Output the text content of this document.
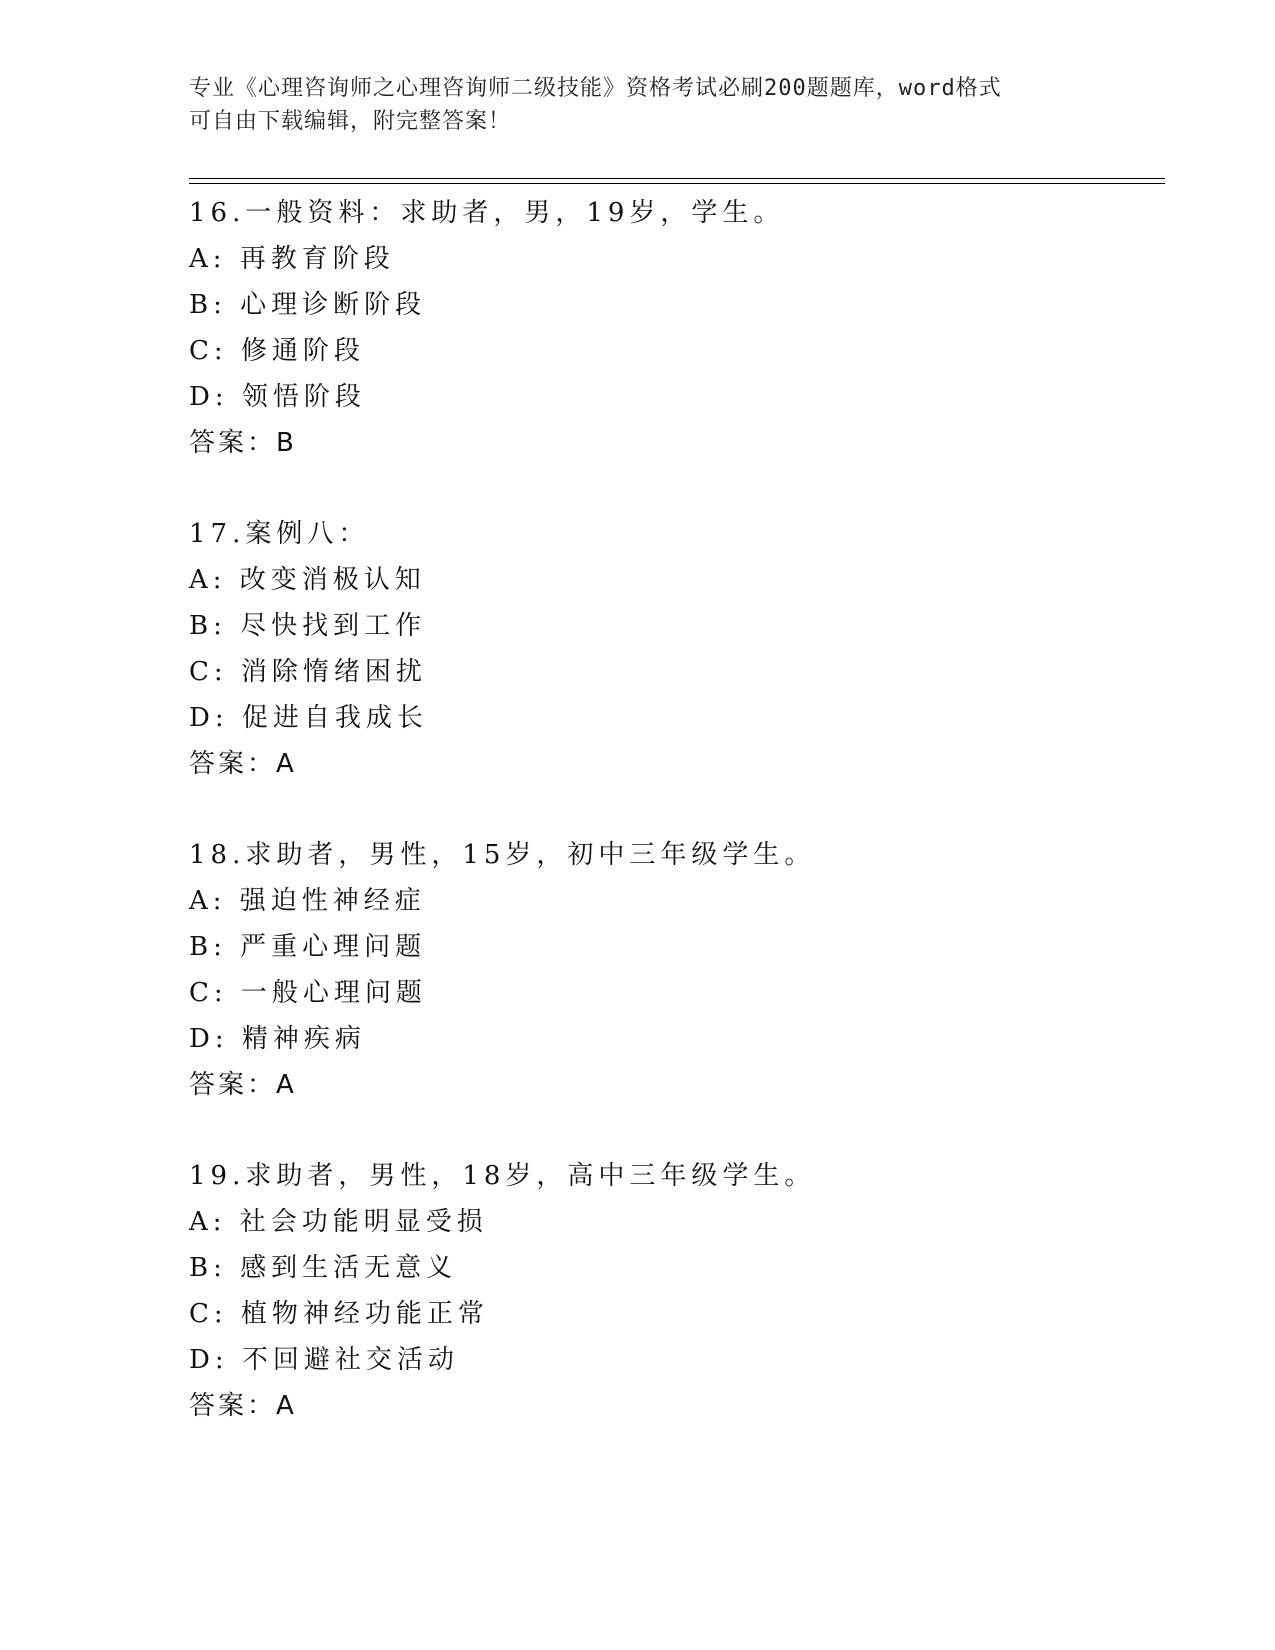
专业《心理咨询师之心理咨询师二级技能》资格考试必刷200题题库，word格式
可自由下载编辑，附完整答案！
16.一般资料：求助者，男，19岁，学生。
A: 再教育阶段
B: 心理诊断阶段
C: 修通阶段
D: 领悟阶段
答案：B
17.案例八：
A: 改变消极认知
B: 尽快找到工作
C: 消除惰绪困扰
D: 促进自我成长
答案：A
18.求助者，男性，15岁，初中三年级学生。
A: 强迫性神经症
B: 严重心理问题
C: 一般心理问题
D: 精神疾病
答案：A
19.求助者，男性，18岁，高中三年级学生。
A: 社会功能明显受损
B: 感到生活无意义
C: 植物神经功能正常
D: 不回避社交活动
答案：A
